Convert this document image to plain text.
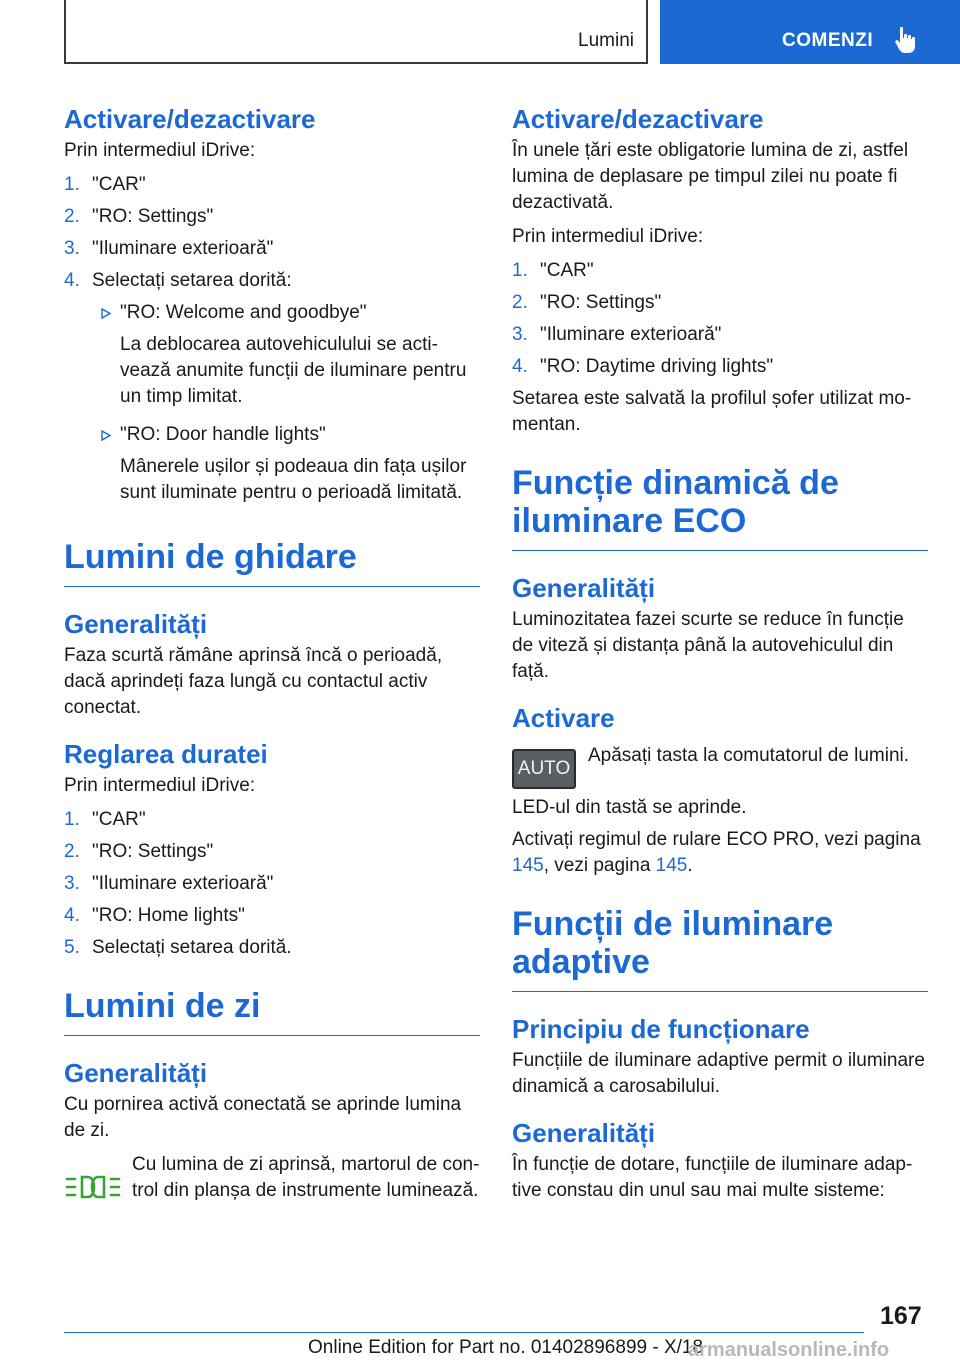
Lumini	COMENZI
Activare/dezactivare
Prin intermediul iDrive:
1. "CAR"
2. "RO: Settings"
3. "Iluminare exterioară"
4. Selectați setarea dorită:

"RO: Welcome and goodbye"

La deblocarea autovehiculului se activează anumite funcții de iluminare pentru un timp limitat.

"RO: Door handle lights"

Mânerele ușilor și podeaua din fața ușilor sunt iluminate pentru o perioadă limitată.

Lumini de ghidare
Generalități
Faza scurtă rămâne aprinsă încă o perioadă, dacă aprindeți faza lungă cu contactul activ conectat.
Reglarea duratei
Prin intermediul iDrive:
1. "CAR"
2. "RO: Settings"
3. "Iluminare exterioară"
4. "RO: Home lights"
5. Selectați setarea dorită.
Lumini de zi
Generalități
Cu pornirea activă conectată se aprinde lumina de zi.
Cu lumina de zi aprinsă, martorul de control din planșa de instrumente luminează.
Activare/dezactivare
În unele țări este obligatorie lumina de zi, astfel lumina de deplasare pe timpul zilei nu poate fi dezactivată.
Prin intermediul iDrive:
1. "CAR"
2. "RO: Settings"
3. "Iluminare exterioară"
4. "RO: Daytime driving lights"
Setarea este salvată la profilul șofer utilizat momentan.
Funcție dinamică de iluminare ECO
Generalități
Luminozitatea fazei scurte se reduce în funcție de viteză și distanța până la autovehiculul din față.
Activare
AUTO
Apăsați tasta la comutatorul de lumini.
LED-ul din tastă se aprinde.
Activați regimul de rulare ECO PRO, vezi pagina 145, vezi pagina 145.
Funcții de iluminare adaptive
Principiu de funcționare
Funcțiile de iluminare adaptive permit o iluminare dinamică a carosabilului.
Generalități
În funcție de dotare, funcțiile de iluminare adaptive constau din unul sau mai multe sisteme:
167
Online Edition for Part no. 01402896899 - X/18
armanualsonline.info
